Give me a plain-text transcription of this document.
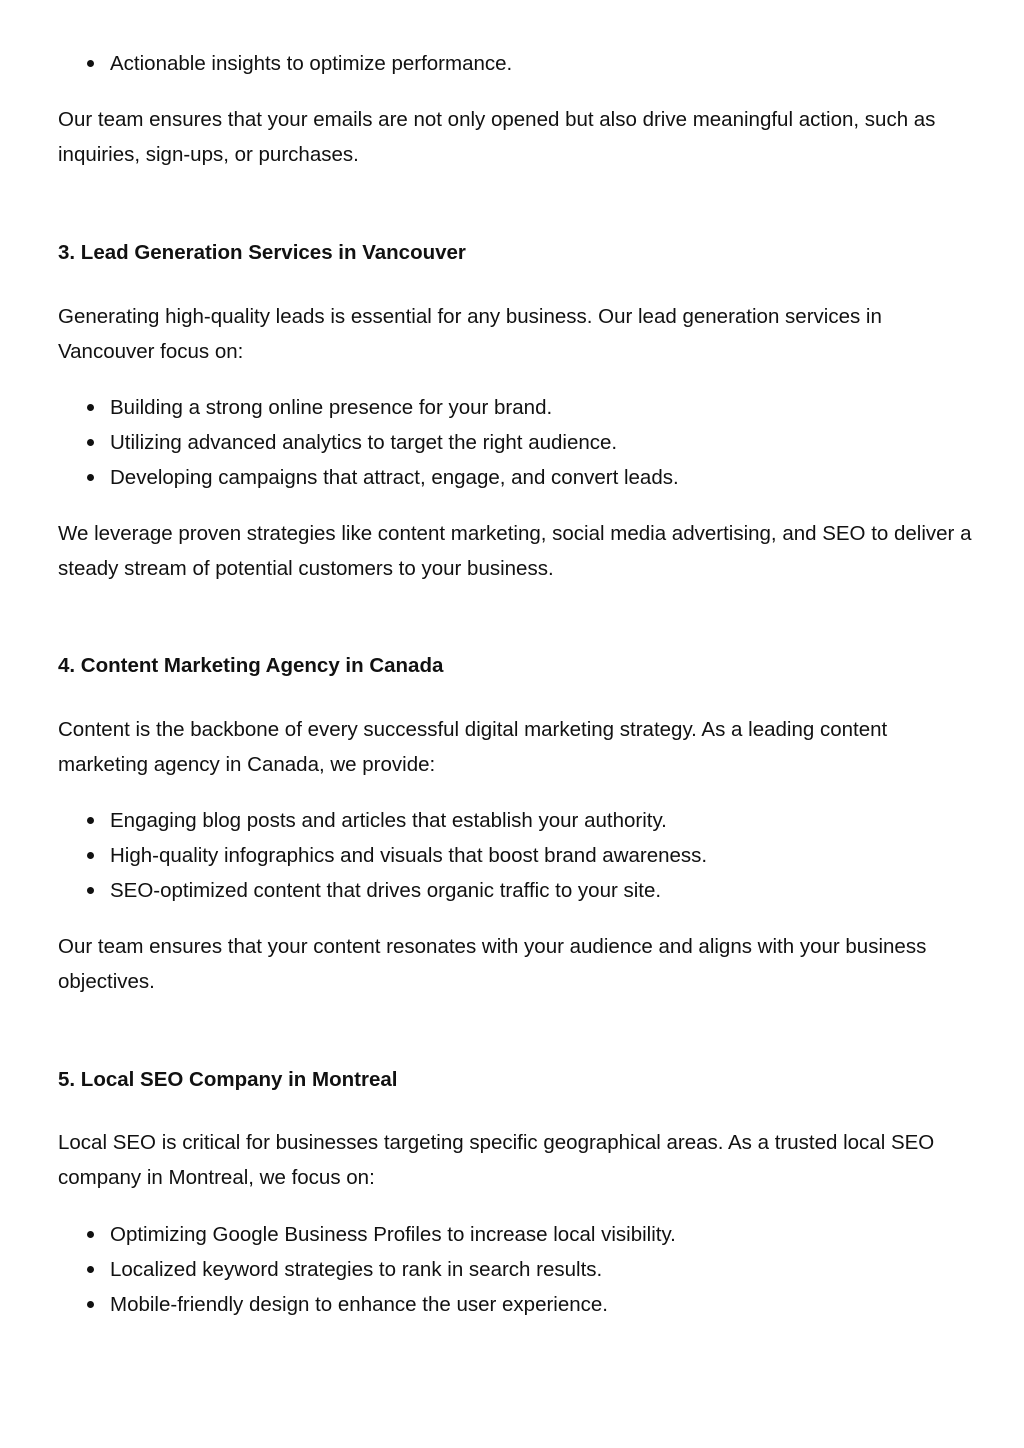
Actionable insights to optimize performance.

Our team ensures that your emails are not only opened but also drive meaningful action, such as inquiries, sign-ups, or purchases.

3. Lead Generation Services in Vancouver

Generating high-quality leads is essential for any business. Our lead generation services in Vancouver focus on:

Building a strong online presence for your brand.
Utilizing advanced analytics to target the right audience.
Developing campaigns that attract, engage, and convert leads.

We leverage proven strategies like content marketing, social media advertising, and SEO to deliver a steady stream of potential customers to your business.

4. Content Marketing Agency in Canada

Content is the backbone of every successful digital marketing strategy. As a leading content marketing agency in Canada, we provide:

Engaging blog posts and articles that establish your authority.
High-quality infographics and visuals that boost brand awareness.
SEO-optimized content that drives organic traffic to your site.

Our team ensures that your content resonates with your audience and aligns with your business objectives.

5. Local SEO Company in Montreal

Local SEO is critical for businesses targeting specific geographical areas. As a trusted local SEO company in Montreal, we focus on:

Optimizing Google Business Profiles to increase local visibility.
Localized keyword strategies to rank in search results.
Mobile-friendly design to enhance the user experience.
